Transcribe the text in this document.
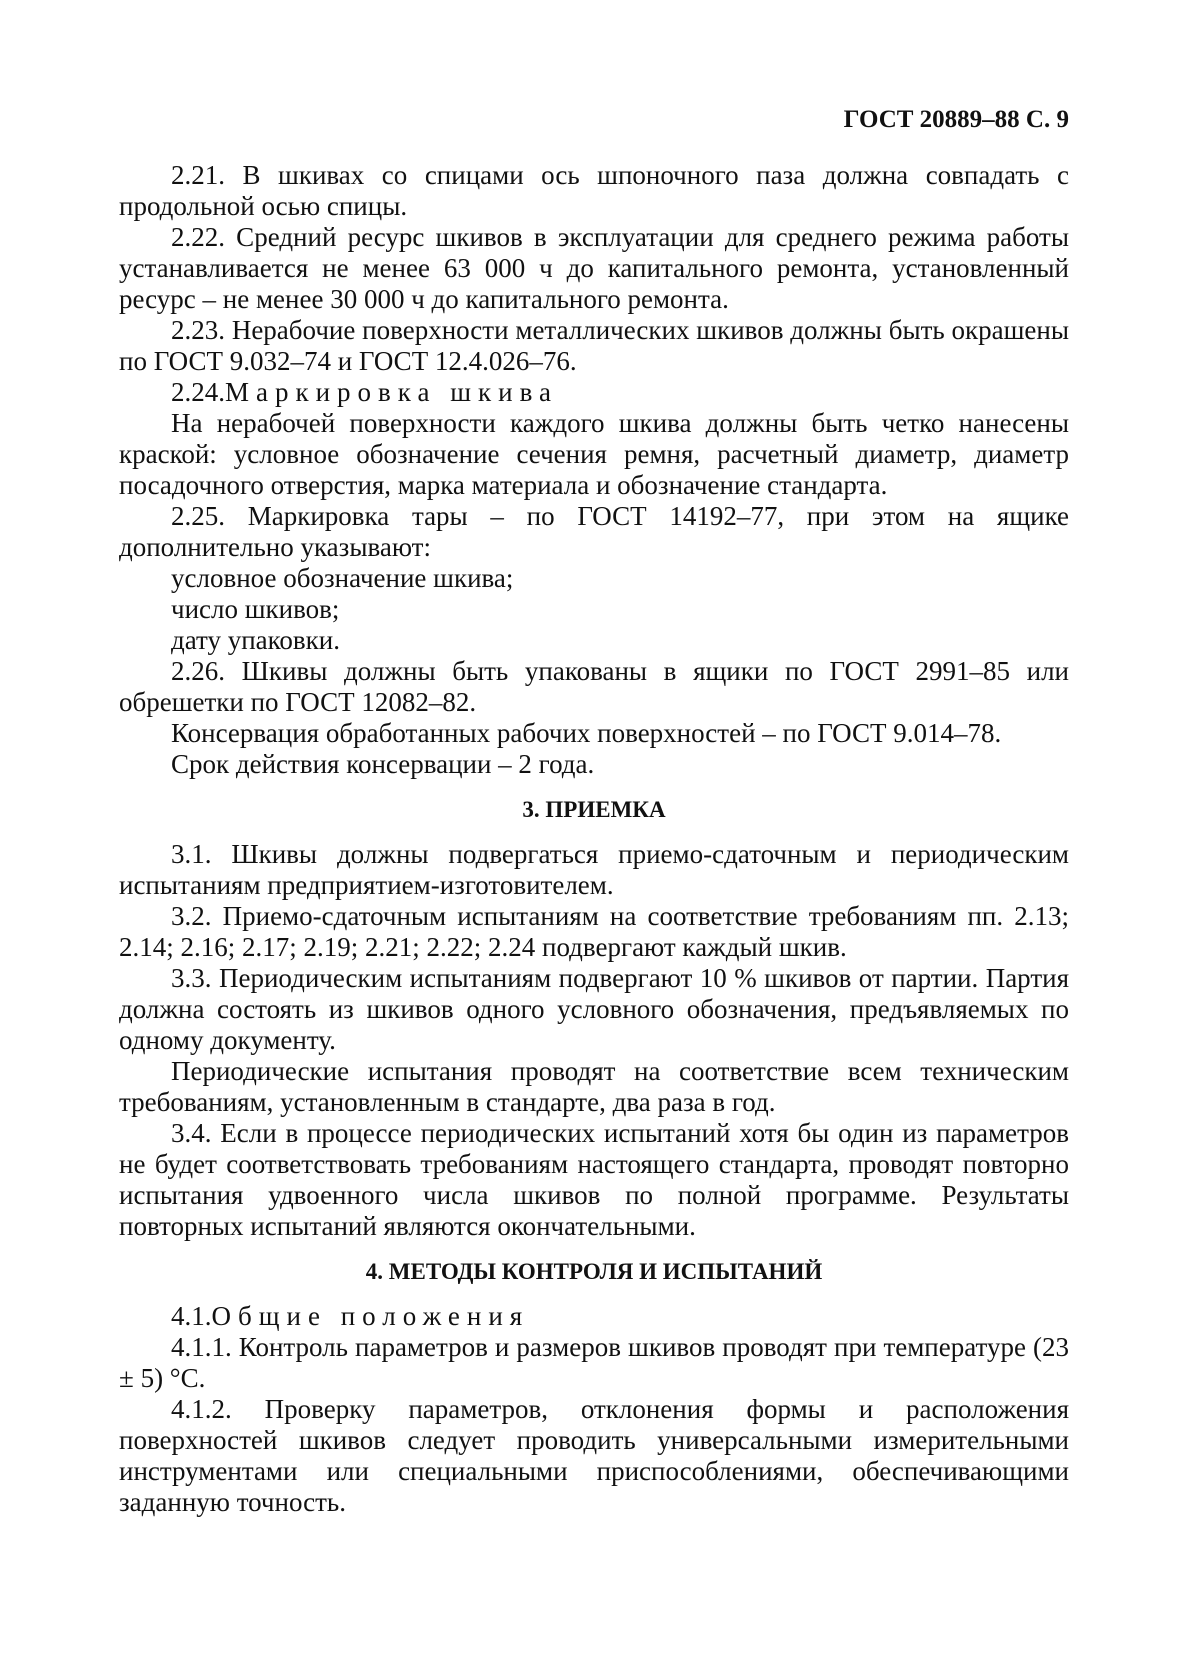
ГОСТ 20889–88 С. 9

2.21. В шкивах со спицами ось шпоночного паза должна совпадать с продольной осью спицы.

2.22. Средний ресурс шкивов в эксплуатации для среднего режима работы устанавливается не менее 63 000 ч до капитального ремонта, установленный ресурс – не менее 30 000 ч до капитального ремонта.

2.23. Нерабочие поверхности металлических шкивов должны быть окрашены по ГОСТ 9.032–74 и ГОСТ 12.4.026–76.

2.24.Маркировка шкива

На нерабочей поверхности каждого шкива должны быть четко нанесены краской: условное обозначение сечения ремня, расчетный диаметр, диаметр посадочного отверстия, марка материала и обозначение стандарта.

2.25. Маркировка тары – по ГОСТ 14192–77, при этом на ящике дополнительно указывают:

условное обозначение шкива;

число шкивов;

дату упаковки.

2.26. Шкивы должны быть упакованы в ящики по ГОСТ 2991–85 или обрешетки по ГОСТ 12082–82.

Консервация обработанных рабочих поверхностей – по ГОСТ 9.014–78.

Срок действия консервации – 2 года.

3. ПРИЕМКА

3.1. Шкивы должны подвергаться приемо-сдаточным и периодическим испытаниям предприятием-изготовителем.

3.2. Приемо-сдаточным испытаниям на соответствие требованиям пп. 2.13; 2.14; 2.16; 2.17; 2.19; 2.21; 2.22; 2.24 подвергают каждый шкив.

3.3. Периодическим испытаниям подвергают 10 % шкивов от партии. Партия должна состоять из шкивов одного условного обозначения, предъявляемых по одному документу.

Периодические испытания проводят на соответствие всем техническим требованиям, установленным в стандарте, два раза в год.

3.4. Если в процессе периодических испытаний хотя бы один из параметров не будет соответствовать требованиям настоящего стандарта, проводят повторно испытания удвоенного числа шкивов по полной программе. Результаты повторных испытаний являются окончательными.

4. МЕТОДЫ КОНТРОЛЯ И ИСПЫТАНИЙ

4.1.Общие положения

4.1.1. Контроль параметров и размеров шкивов проводят при температуре (23 ± 5) °С.

4.1.2. Проверку параметров, отклонения формы и расположения поверхностей шкивов следует проводить универсальными измерительными инструментами или специальными приспособлениями, обеспечивающими заданную точность.
